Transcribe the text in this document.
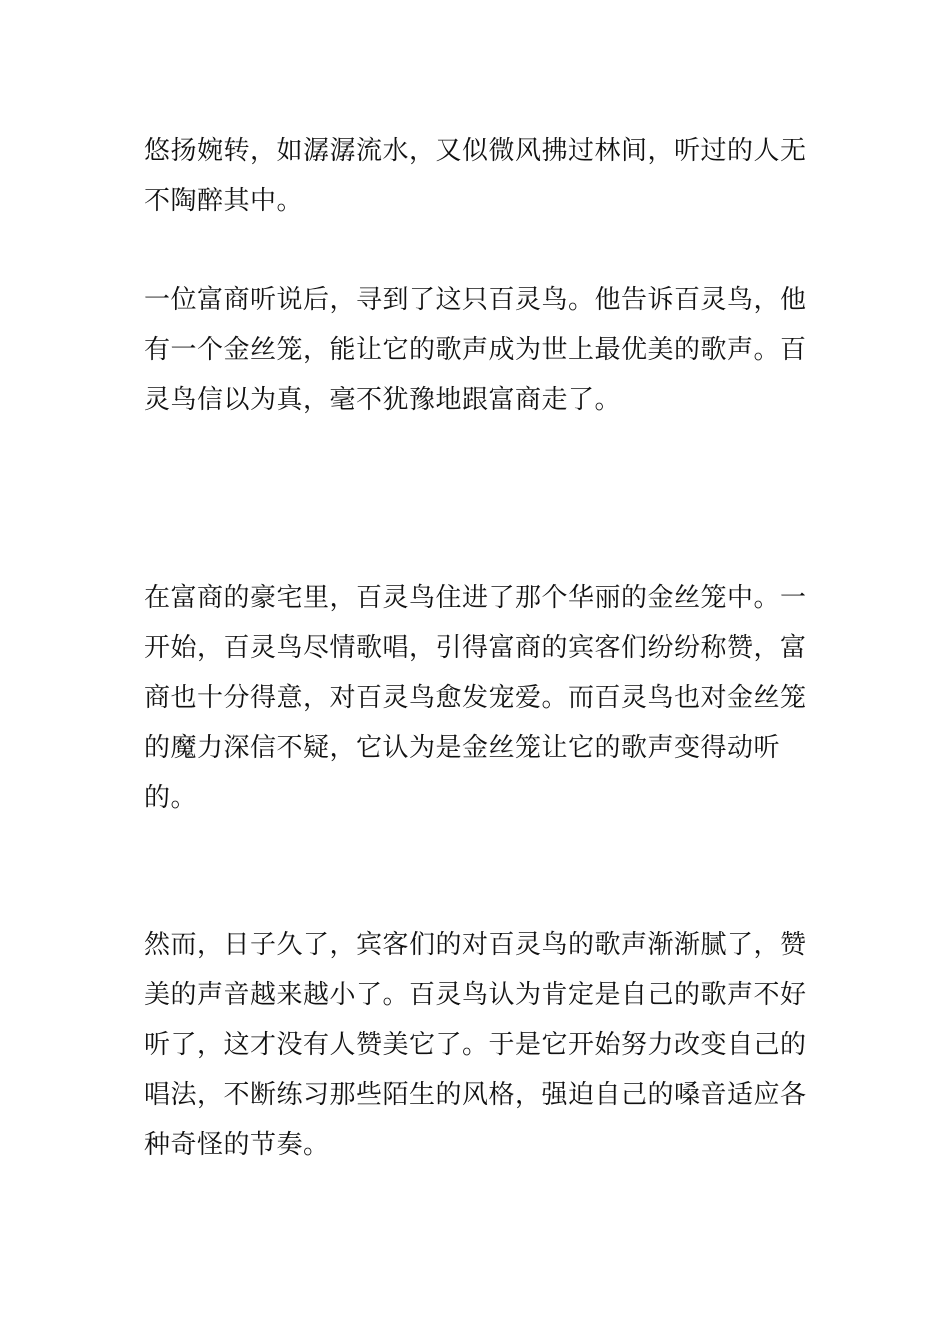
悠扬婉转，如潺潺流水，又似微风拂过林间，听过的人无不陶醉其中。

一位富商听说后，寻到了这只百灵鸟。他告诉百灵鸟，他有一个金丝笼，能让它的歌声成为世上最优美的歌声。百灵鸟信以为真，毫不犹豫地跟富商走了。

在富商的豪宅里，百灵鸟住进了那个华丽的金丝笼中。一开始，百灵鸟尽情歌唱，引得富商的宾客们纷纷称赞，富商也十分得意，对百灵鸟愈发宠爱。而百灵鸟也对金丝笼的魔力深信不疑，它认为是金丝笼让它的歌声变得动听的。

然而，日子久了，宾客们的对百灵鸟的歌声渐渐腻了，赞美的声音越来越小了。百灵鸟认为肯定是自己的歌声不好听了，这才没有人赞美它了。于是它开始努力改变自己的唱法，不断练习那些陌生的风格，强迫自己的嗓音适应各种奇怪的节奏。
